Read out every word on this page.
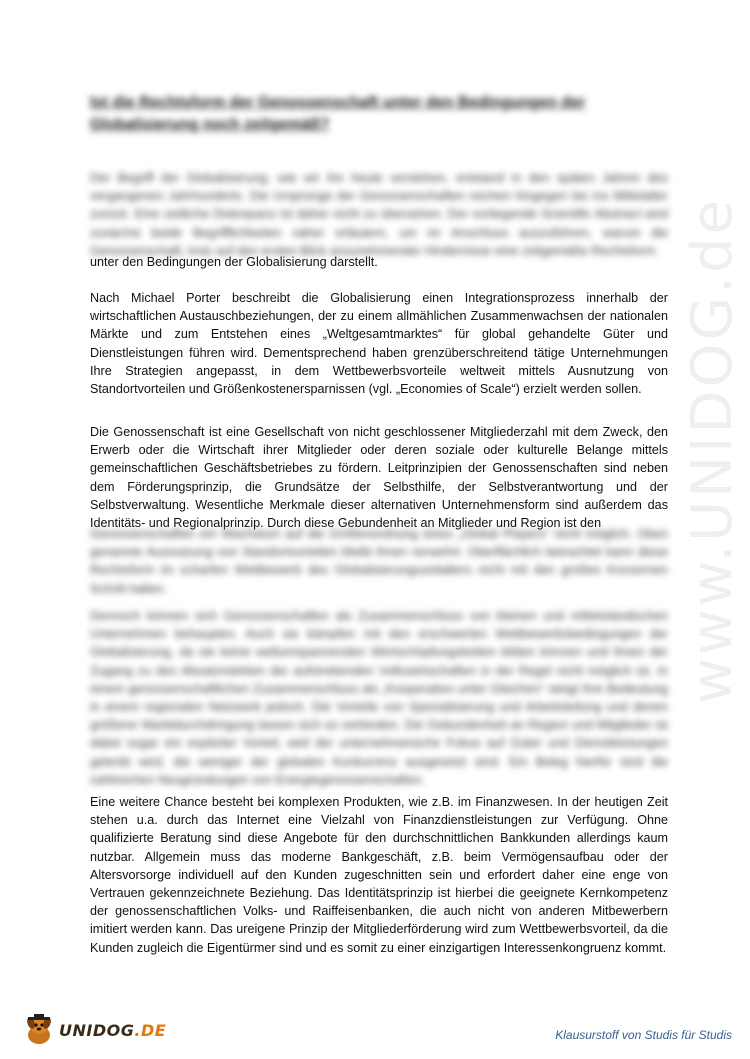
www.UNIDOG.de
Ist die Rechtsform der Genossenschaft unter den Bedingungen der Globalisierung noch zeitgemäß?
Der Begriff der Globalisierung, wie wir ihn heute verstehen, entstand in den späten Jahren des vergangenen Jahrhunderts. Die Ursprünge der Genossenschaften reichen hingegen bis ins Mittelalter zurück. Eine zeitliche Diskrepanz ist daher nicht zu übersehen. Der vorliegende Scientific Abstract wird zunächst beide Begrifflichkeiten näher erläutern, um im Anschluss auszuführen, warum die Genossenschaft, trotz auf den ersten Blick anzunehmender Hindernisse eine zeitgemäße Rechtsform
unter den Bedingungen der Globalisierung darstellt.
Nach Michael Porter beschreibt die Globalisierung einen Integrationsprozess innerhalb der wirtschaftlichen Austauschbeziehungen, der zu einem allmählichen Zusammenwachsen der nationalen Märkte und zum Entstehen eines „Weltgesamtmarktes“ für global gehandelte Güter und Dienstleistungen führen wird. Dementsprechend haben grenzüberschreitend tätige Unternehmungen Ihre Strategien angepasst, in dem Wettbewerbsvorteile weltweit mittels Ausnutzung von Standortvorteilen und Größenkostenersparnissen (vgl. „Economies of Scale“) erzielt werden sollen.
Die Genossenschaft ist eine Gesellschaft von nicht geschlossener Mitgliederzahl mit dem Zweck, den Erwerb oder die Wirtschaft ihrer Mitglieder oder deren soziale oder kulturelle Belange mittels gemeinschaftlichen Geschäftsbetriebes zu fördern. Leitprinzipien der Genossenschaften sind neben dem Förderungsprinzip, die Grundsätze der Selbsthilfe, der Selbstverantwortung und der Selbstverwaltung. Wesentliche Merkmale dieser alternativen Unternehmensform sind außerdem das Identitäts- und Regionalprinzip. Durch diese Gebundenheit an Mitglieder und Region ist den
Genossenschaften ein Wachstum auf die Größenordnung eines „Global Players“ nicht möglich. Oben genannte Ausnutzung von Standortvorteilen bleibt ihnen verwehrt. Oberflächlich betrachtet kann diese Rechtsform im scharfen Wettbewerb des Globalisierungszeitalters nicht mit den großen Konzernen Schritt halten.
Dennoch können sich Genossenschaften als Zusammenschluss von kleinen und mittelständischen Unternehmen behaupten. Auch sie kämpfen mit den erschwerten Wettbewerbsbedingungen der Globalisierung, da sie keine weltumspannenden Wertschöpfungsketten bilden können und ihnen der Zugang zu den Absatzmärkten der aufstrebenden Volkswirtschaften in der Regel nicht möglich ist. In einem genossenschaftlichen Zusammenschluss als „Kooperation unter Gleichen“ steigt ihre Bedeutung in einem regionalen Netzwerk jedoch. Die Vorteile von Spezialisierung und Arbeitsteilung und denen größerer Marktdurchdringung lassen sich so verbinden. Die Gebundenheit an Region und Mitglieder ist dabei sogar ein expliziter Vorteil, weil der unternehmerische Fokus auf Güter und Dienstleistungen gelenkt wird, die weniger der globalen Konkurrenz ausgesetzt sind. Ein Beleg hierfür sind die zahlreichen Neugründungen von Energiegenossenschaften.
Eine weitere Chance besteht bei komplexen Produkten, wie z.B. im Finanzwesen. In der heutigen Zeit stehen u.a. durch das Internet eine Vielzahl von Finanzdienstleistungen zur Verfügung. Ohne qualifizierte Beratung sind diese Angebote für den durchschnittlichen Bankkunden allerdings kaum nutzbar. Allgemein muss das moderne Bankgeschäft, z.B. beim Vermögensaufbau oder der Altersvorsorge individuell auf den Kunden zugeschnitten sein und erfordert daher eine enge von Vertrauen gekennzeichnete Beziehung. Das Identitätsprinzip ist hierbei die geeignete Kernkompetenz der genossenschaftlichen Volks- und Raiffeisenbanken, die auch nicht von anderen Mitbewerbern imitiert werden kann. Das ureigene Prinzip der Mitgliederförderung wird zum Wettbewerbsvorteil, da die Kunden zugleich die Eigentürmer sind und es somit zu einer einzigartigen Interessenkongruenz kommt.
UNIDOG.DE	Klausurstoff von Studis für Studis
